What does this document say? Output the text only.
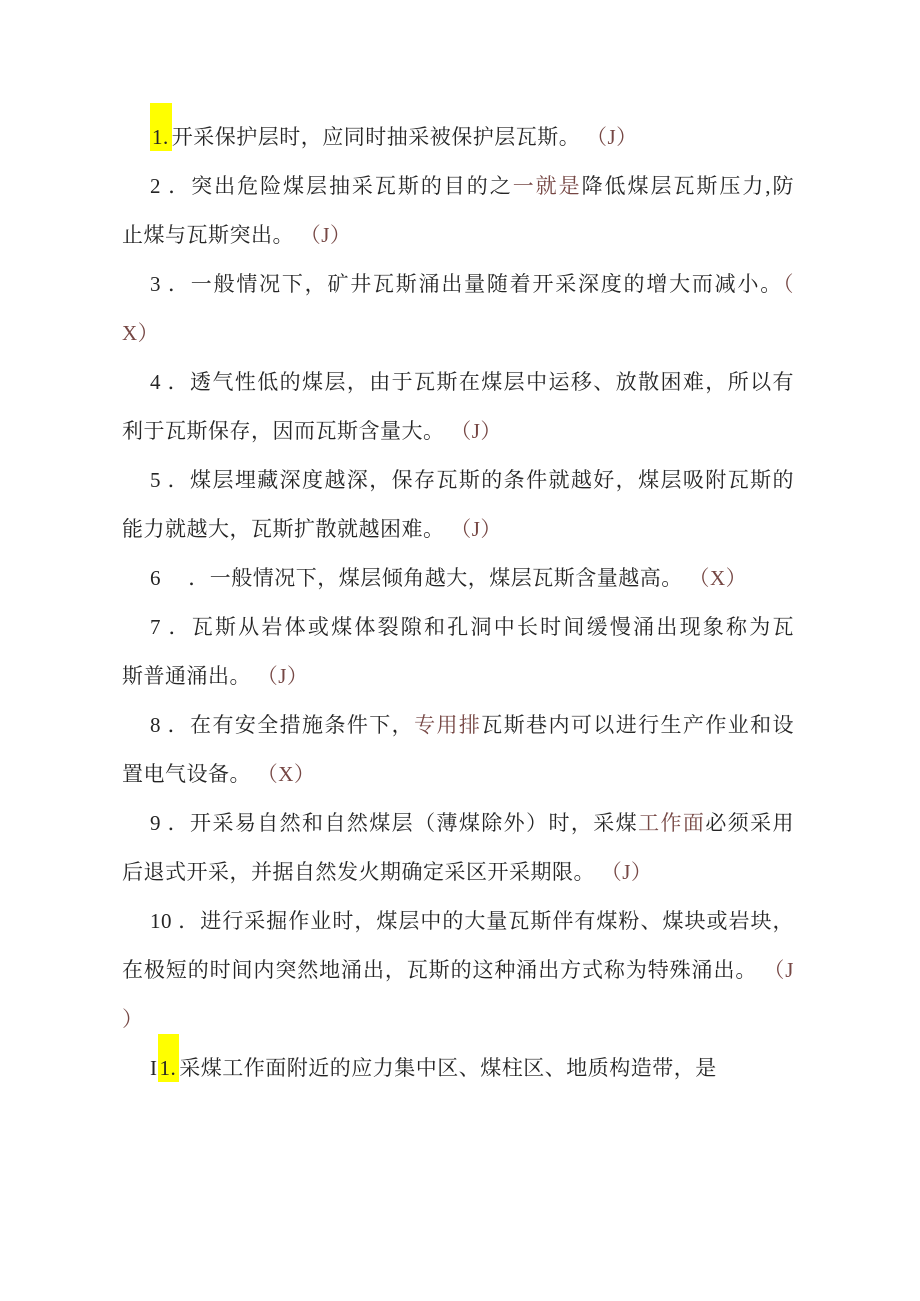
1. 开采保护层时，应同时抽采被保护层瓦斯。 （J）
2 ．突出危险煤层抽采瓦斯的目的之一就是降低煤层瓦斯压力,防
止煤与瓦斯突出。 （J）
3 ．一般情况下，矿井瓦斯涌出量随着开采深度的增大而减小。（
X）
4 ．透气性低的煤层，由于瓦斯在煤层中运移、放散困难，所以有
利于瓦斯保存，因而瓦斯含量大。 （J）
5 ．煤层埋藏深度越深，保存瓦斯的条件就越好，煤层吸附瓦斯的
能力就越大，瓦斯扩散就越困难。 （J）
6　 ．一般情况下，煤层倾角越大，煤层瓦斯含量越高。 （X）
7 ．瓦斯从岩体或煤体裂隙和孔洞中长时间缓慢涌出现象称为瓦
斯普通涌出。 （J）
8 ．在有安全措施条件下，专用排瓦斯巷内可以进行生产作业和设
置电气设备。 （X）
9 ．开采易自然和自然煤层（薄煤除外）时，采煤工作面必须采用
后退式开采，并据自然发火期确定采区开采期限。 （J）
10 ．进行采掘作业时，煤层中的大量瓦斯伴有煤粉、煤块或岩块，
在极短的时间内突然地涌出，瓦斯的这种涌出方式称为特殊涌出。 （J
）
I1. 采煤工作面附近的应力集中区、煤柱区、地质构造带，是
